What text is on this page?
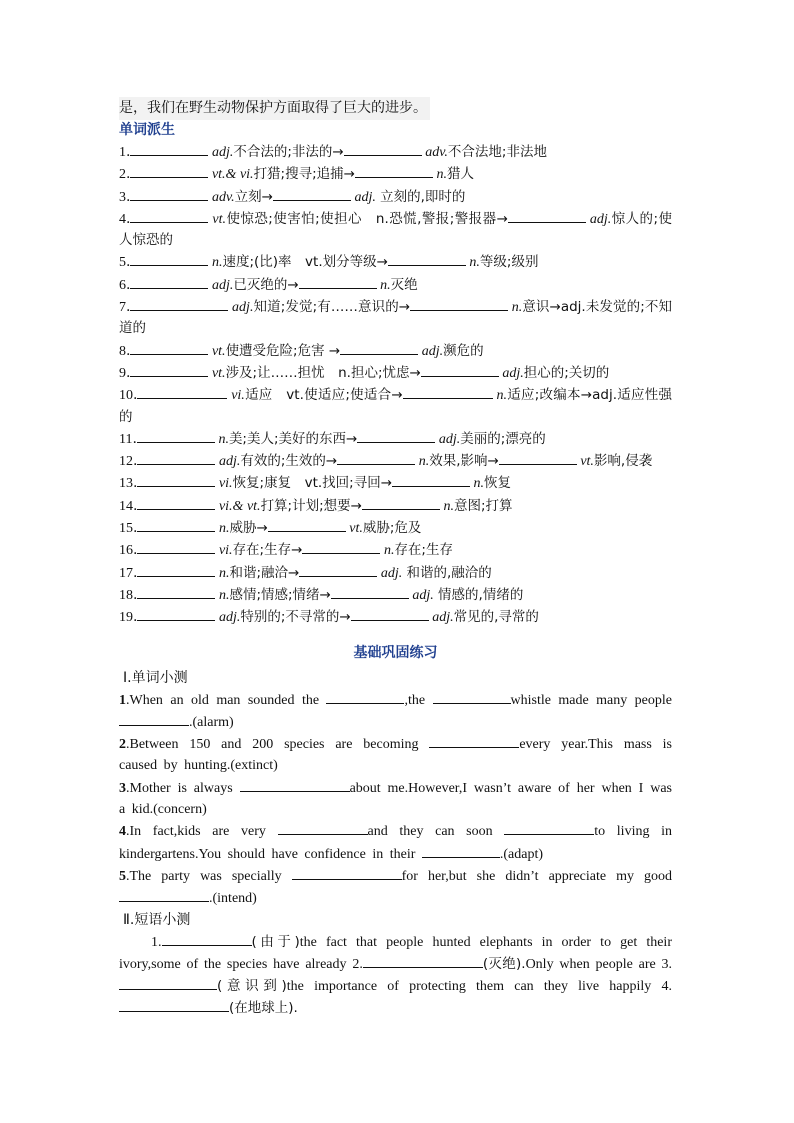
是，我们在野生动物保护方面取得了巨大的进步。
单词派生
1.	adj.不合法的;非法的→	adv.不合法地;非法地
2.	vt.& vi.打猎;搜寻;追捕→	n.猎人
3.	adv.立刻→	adj. 立刻的,即时的
4.	vt.使惊恐;使害怕;使担心　n.恐慌,警报;警报器→	adj.惊人的;使人惊恐的
5.	n.速度;(比)率　vt.划分等级→	n.等级;级别
6.	adj.已灭绝的→	n.灭绝
7.	adj.知道;发觉;有……意识的→	n.意识→adj.未发觉的;不知道的
8.	vt.使遭受危险;危害 →	adj.濒危的
9.	vt.涉及;让……担忧　n.担心;忧虑→	adj.担心的;关切的
10.	vi.适应　vt.使适应;使适合→	n.适应;改编本→adj.适应性强的
11.	n.美;美人;美好的东西→	adj.美丽的;漂亮的
12.	adj.有效的;生效的→	n.效果,影响→	vt.影响,侵袭
13.	vi.恢复;康复　vt.找回;寻回→	n.恢复
14.	vi.& vt.打算;计划;想要→	n.意图;打算
15.	n.威胁→	vt.威胁;危及
16.	vi.存在;生存→	n.存在;生存
17.	n.和谐;融洽→	adj. 和谐的,融洽的
18.	n.感情;情感;情绪→	adj. 情感的,情绪的
19.	adj.特别的;不寻常的→	adj.常见的,寻常的
基础巩固练习
Ⅰ.单词小测
1.When an old man sounded the	,the	whistle made many people .(alarm)
2.Between 150 and 200 species are becoming	every year.This mass is caused by hunting.(extinct)
3.Mother is always	about me.However,I wasn’t aware of her when I was a kid.(concern)
4.In fact,kids are very	and they can soon	to living in kindergartens.You should have confidence in their	.(adapt)
5.The party was specially	for her,but she didn’t appreciate my good .(intend)
Ⅱ.短语小测
1.	(由于)the fact that people hunted elephants in order to get their ivory,some of the species have already 2.	(灭绝).Only when people are 3.(意识到)the importance of protecting them can they live happily 4.(在地球上).
